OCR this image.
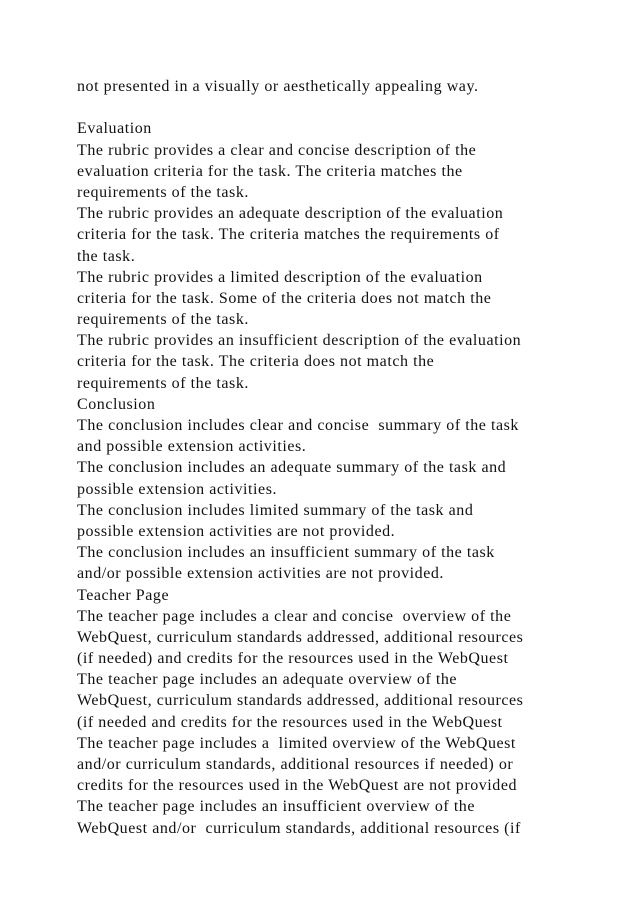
not presented in a visually or aesthetically appealing way.
Evaluation
The rubric provides a clear and concise description of the
evaluation criteria for the task. The criteria matches the
requirements of the task.
The rubric provides an adequate description of the evaluation
criteria for the task. The criteria matches the requirements of
the task.
The rubric provides a limited description of the evaluation
criteria for the task. Some of the criteria does not match the
requirements of the task.
The rubric provides an insufficient description of the evaluation
criteria for the task. The criteria does not match the
requirements of the task.
Conclusion
The conclusion includes clear and concise  summary of the task
and possible extension activities.
The conclusion includes an adequate summary of the task and
possible extension activities.
The conclusion includes limited summary of the task and
possible extension activities are not provided.
The conclusion includes an insufficient summary of the task
and/or possible extension activities are not provided.
Teacher Page
The teacher page includes a clear and concise  overview of the
WebQuest, curriculum standards addressed, additional resources
(if needed) and credits for the resources used in the WebQuest
The teacher page includes an adequate overview of the
WebQuest, curriculum standards addressed, additional resources
(if needed and credits for the resources used in the WebQuest
The teacher page includes a  limited overview of the WebQuest
and/or curriculum standards, additional resources if needed) or
credits for the resources used in the WebQuest are not provided
The teacher page includes an insufficient overview of the
WebQuest and/or  curriculum standards, additional resources (if
